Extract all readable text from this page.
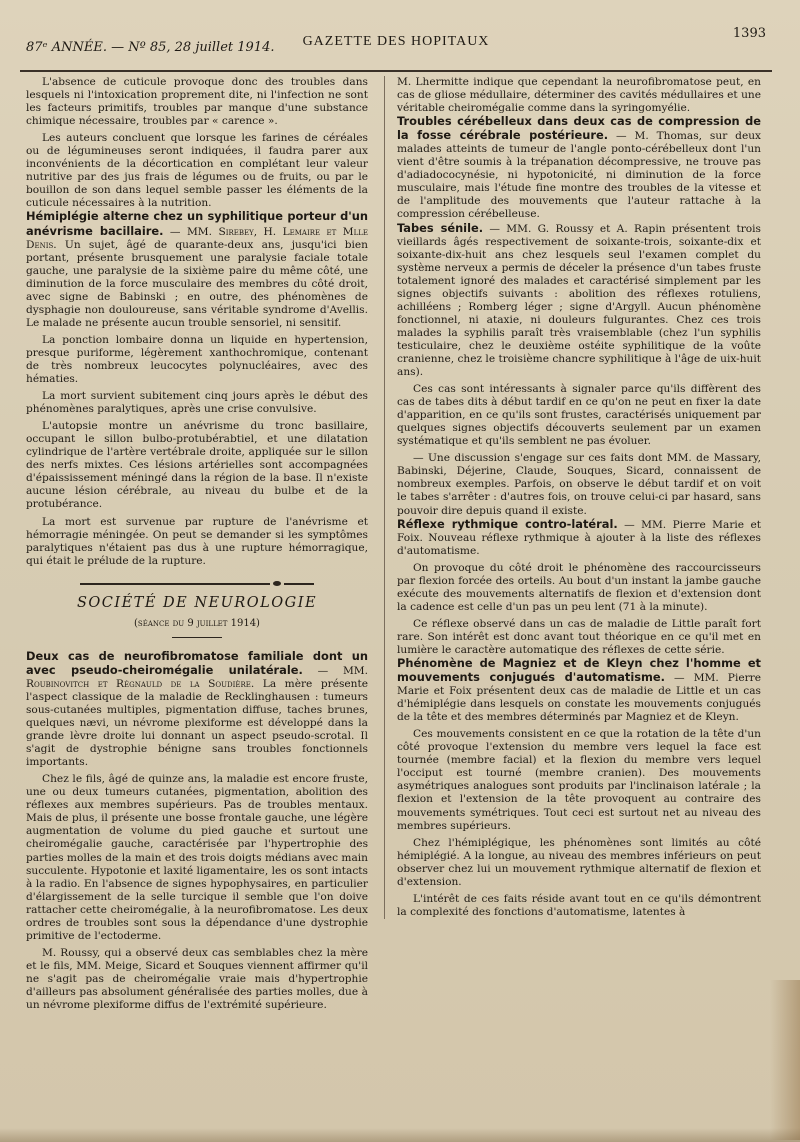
87ᵉ ANNÉE. — Nº 85, 28 juillet 1914.	GAZETTE DES HOPITAUX
1393

L'absence de cuticule provoque donc des troubles dans lesquels ni l'intoxication proprement dite, ni l'infection ne sont les facteurs primitifs, troubles par manque d'une substance chimique nécessaire, troubles par « carence ».

Les auteurs concluent que lorsque les farines de céréales ou de légumineuses seront indiquées, il faudra parer aux inconvénients de la décortication en complétant leur valeur nutritive par des jus frais de légumes ou de fruits, ou par le bouillon de son dans lequel semble passer les éléments de la cuticule nécessaires à la nutrition.

Hémiplégie alterne chez un syphilitique porteur d'un anévrisme bacillaire. — MM. Sirebey, H. Lemaire et Mlle Denis. Un sujet, âgé de quarante-deux ans, jusqu'ici bien portant, présente brusquement une paralysie faciale totale gauche, une paralysie de la sixième paire du même côté, une diminution de la force musculaire des membres du côté droit, avec signe de Babinski ; en outre, des phénomènes de dysphagie non douloureuse, sans véritable syndrome d'Avellis. Le malade ne présente aucun trouble sensoriel, ni sensitif.

La ponction lombaire donna un liquide en hypertension, presque puriforme, légèrement xanthochromique, contenant de très nombreux leucocytes polynucléaires, avec des hématies.

La mort survient subitement cinq jours après le début des phénomènes paralytiques, après une crise convulsive.

L'autopsie montre un anévrisme du tronc basillaire, occupant le sillon bulbo-protubérabtiel, et une dilatation cylindrique de l'artère vertébrale droite, appliquée sur le sillon des nerfs mixtes. Ces lésions artérielles sont accompagnées d'épaississement méningé dans la région de la base. Il n'existe aucune lésion cérébrale, au niveau du bulbe et de la protubérance.

La mort est survenue par rupture de l'anévrisme et hémorragie méningée. On peut se demander si les symptômes paralytiques n'étaient pas dus à une rupture hémorragique, qui était le prélude de la rupture.

SOCIÉTÉ DE NEUROLOGIE
(séance du 9 juillet 1914)

Deux cas de neurofibromatose familiale dont un avec pseudo-cheiromégalie unilatérale. — MM. Roubinovitch et Régnauld de la Soudière. La mère présente l'aspect classique de la maladie de Recklinghausen : tumeurs sous-cutanées multiples, pigmentation diffuse, taches brunes, quelques nævi, un névrome plexiforme est développé dans la grande lèvre droite lui donnant un aspect pseudo-scrotal. Il s'agit de dystrophie bénigne sans troubles fonctionnels importants.

Chez le fils, âgé de quinze ans, la maladie est encore fruste, une ou deux tumeurs cutanées, pigmentation, abolition des réflexes aux membres supérieurs. Pas de troubles mentaux. Mais de plus, il présente une bosse frontale gauche, une légère augmentation de volume du pied gauche et surtout une cheiromégalie gauche, caractérisée par l'hypertrophie des parties molles de la main et des trois doigts médians avec main succulente. Hypotonie et laxité ligamentaire, les os sont intacts à la radio. En l'absence de signes hypophysaires, en particulier d'élargissement de la selle turcique il semble que l'on doive rattacher cette cheiromégalie, à la neurofibromatose. Les deux ordres de troubles sont sous la dépendance d'une dystrophie primitive de l'ectoderme.

M. Roussy, qui a observé deux cas semblables chez la mère et le fils, MM. Meige, Sicard et Souques viennent affirmer qu'il ne s'agit pas de cheiromégalie vraie mais d'hypertrophie d'ailleurs pas absolument généralisée des parties molles, due à un névrome plexiforme diffus de l'extrémité supérieure.

M. Lhermitte indique que cependant la neurofibromatose peut, en cas de gliose médullaire, déterminer des cavités médullaires et une véritable cheiromégalie comme dans la syringomyélie.

Troubles cérébelleux dans deux cas de compression de la fosse cérébrale postérieure. — M. Thomas, sur deux malades atteints de tumeur de l'angle ponto-cérébelleux dont l'un vient d'être soumis à la trépanation décompressive, ne trouve pas d'adiadococynésie, ni hypotonicité, ni diminution de la force musculaire, mais l'étude fine montre des troubles de la vitesse et de l'amplitude des mouvements que l'auteur rattache à la compression cérébelleuse.

Tabes sénile. — MM. G. Roussy et A. Rapin présentent trois vieillards âgés respectivement de soixante-trois, soixante-dix et soixante-dix-huit ans chez lesquels seul l'examen complet du système nerveux a permis de déceler la présence d'un tabes fruste totalement ignoré des malades et caractérisé simplement par les signes objectifs suivants : abolition des réflexes rotuliens, achilléens ; Romberg léger ; signe d'Argyll. Aucun phénomène fonctionnel, ni ataxie, ni douleurs fulgurantes. Chez ces trois malades la syphilis paraît très vraisemblable (chez l'un syphilis testiculaire, chez le deuxième ostéite syphilitique de la voûte cranienne, chez le troisième chancre syphilitique à l'âge de uix-huit ans).

Ces cas sont intéressants à signaler parce qu'ils diffèrent des cas de tabes dits à début tardif en ce qu'on ne peut en fixer la date d'apparition, en ce qu'ils sont frustes, caractérisés uniquement par quelques signes objectifs découverts seulement par un examen systématique et qu'ils semblent ne pas évoluer.

— Une discussion s'engage sur ces faits dont MM. de Massary, Babinski, Déjerine, Claude, Souques, Sicard, connaissent de nombreux exemples. Parfois, on observe le début tardif et on voit le tabes s'arrêter : d'autres fois, on trouve celui-ci par hasard, sans pouvoir dire depuis quand il existe.

Réflexe rythmique contro-latéral. — MM. Pierre Marie et Foix. Nouveau réflexe rythmique à ajouter à la liste des réflexes d'automatisme.

On provoque du côté droit le phénomène des raccourcisseurs par flexion forcée des orteils. Au bout d'un instant la jambe gauche exécute des mouvements alternatifs de flexion et d'extension dont la cadence est celle d'un pas un peu lent (71 à la minute).

Ce réflexe observé dans un cas de maladie de Little paraît fort rare. Son intérêt est donc avant tout théorique en ce qu'il met en lumière le caractère automatique des réflexes de cette série.

Phénomène de Magniez et de Kleyn chez l'homme et mouvements conjugués d'automatisme. — MM. Pierre Marie et Foix présentent deux cas de maladie de Little et un cas d'hémiplégie dans lesquels on constate les mouvements conjugués de la tête et des membres déterminés par Magniez et de Kleyn.

Ces mouvements consistent en ce que la rotation de la tête d'un côté provoque l'extension du membre vers lequel la face est tournée (membre facial) et la flexion du membre vers lequel l'occiput est tourné (membre cranien). Des mouvements asymétriques analogues sont produits par l'inclinaison latérale ; la flexion et l'extension de la tête provoquent au contraire des mouvements symétriques. Tout ceci est surtout net au niveau des membres supérieurs.

Chez l'hémiplégique, les phénomènes sont limités au côté hémiplégié. A la longue, au niveau des membres inférieurs on peut observer chez lui un mouvement rythmique alternatif de flexion et d'extension.

L'intérêt de ces faits réside avant tout en ce qu'ils démontrent la complexité des fonctions d'automatisme, latentes à
